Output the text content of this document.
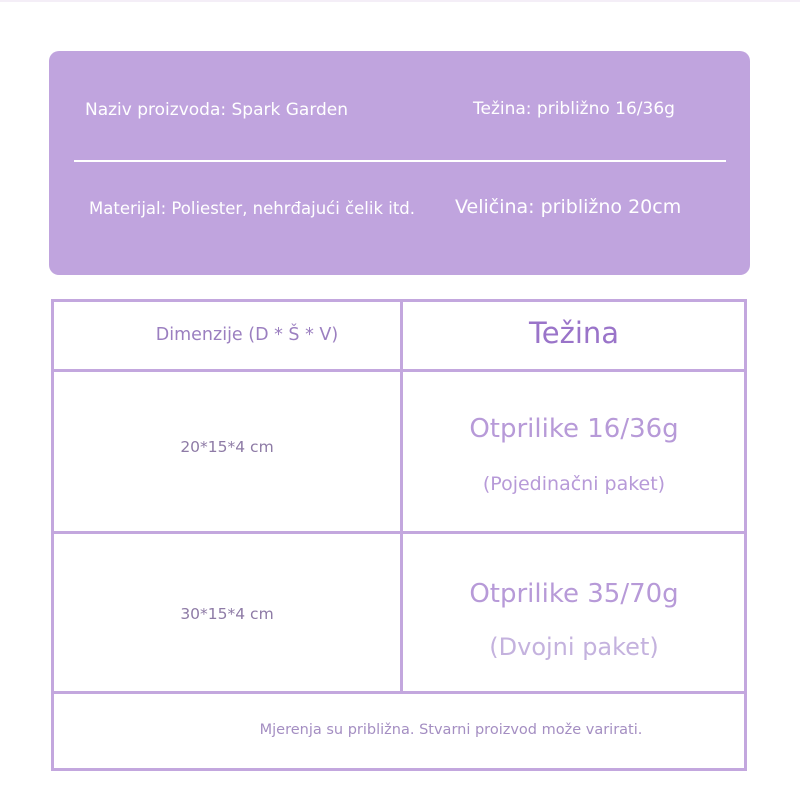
Naziv proizvoda: Spark Garden	Težina: približno 16/36g
Materijal: Poliester, nehrđajući čelik itd. Veličina: približno 20cm
Dimenzije (D * Š * V)	Težina
20*15*4 cm
Otprilike 16/36g
(Pojedinačni paket)
30*15*4 cm
Otprilike 35/70g
(Dvojni paket)
Mjerenja su približna. Stvarni proizvod može varirati.
